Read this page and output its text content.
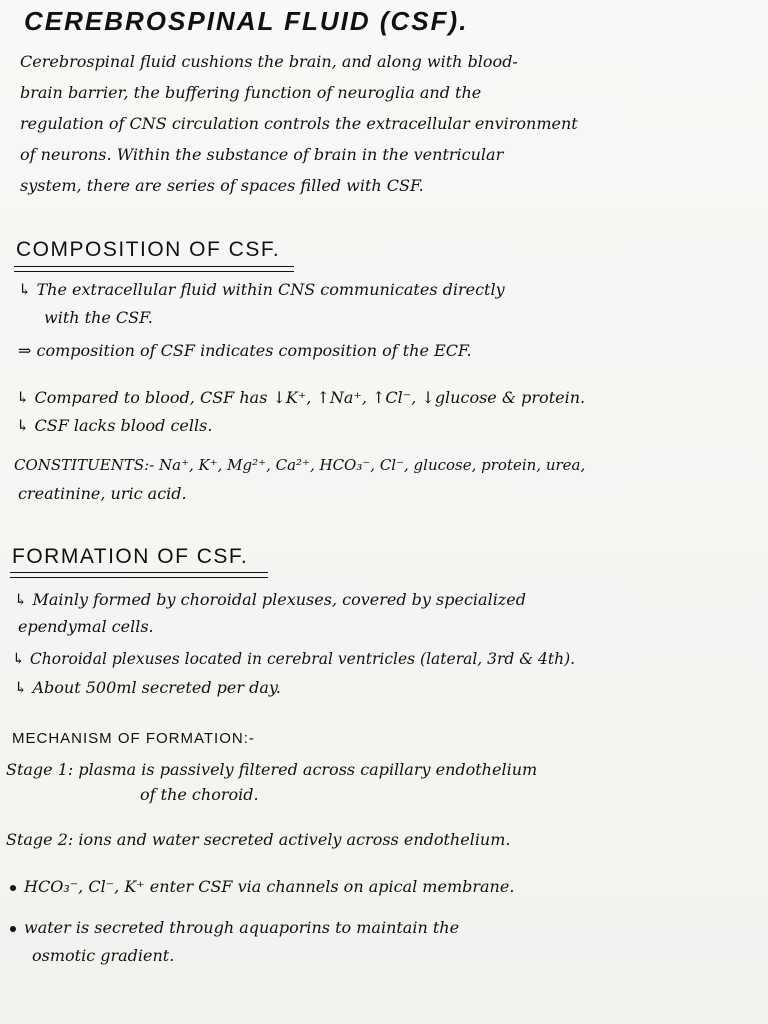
CEREBROSPINAL FLUID (CSF).
Cerebrospinal fluid cushions the brain, and along with blood-
brain barrier, the buffering function of neuroglia and the
regulation of CNS circulation controls the extracellular environment
of neurons. Within the substance of brain in the ventricular
system, there are series of spaces filled with CSF.
COMPOSITION OF CSF.
↳ The extracellular fluid within CNS communicates directly
with the CSF.
⇒ composition of CSF indicates composition of the ECF.
↳ Compared to blood, CSF has ↓K⁺, ↑Na⁺, ↑Cl⁻, ↓glucose & protein.
↳ CSF lacks blood cells.
CONSTITUENTS:- Na⁺, K⁺, Mg²⁺, Ca²⁺, HCO₃⁻, Cl⁻, glucose, protein, urea,
creatinine, uric acid.
FORMATION OF CSF.
↳ Mainly formed by choroidal plexuses, covered by specialized
ependymal cells.
↳ Choroidal plexuses located in cerebral ventricles (lateral, 3rd & 4th).
↳ About 500ml secreted per day.
MECHANISM OF FORMATION:-
Stage 1: plasma is passively filtered across capillary endothelium
of the choroid.
Stage 2: ions and water secreted actively across endothelium.
HCO₃⁻, Cl⁻, K⁺ enter CSF via channels on apical membrane.
water is secreted through aquaporins to maintain the
osmotic gradient.
